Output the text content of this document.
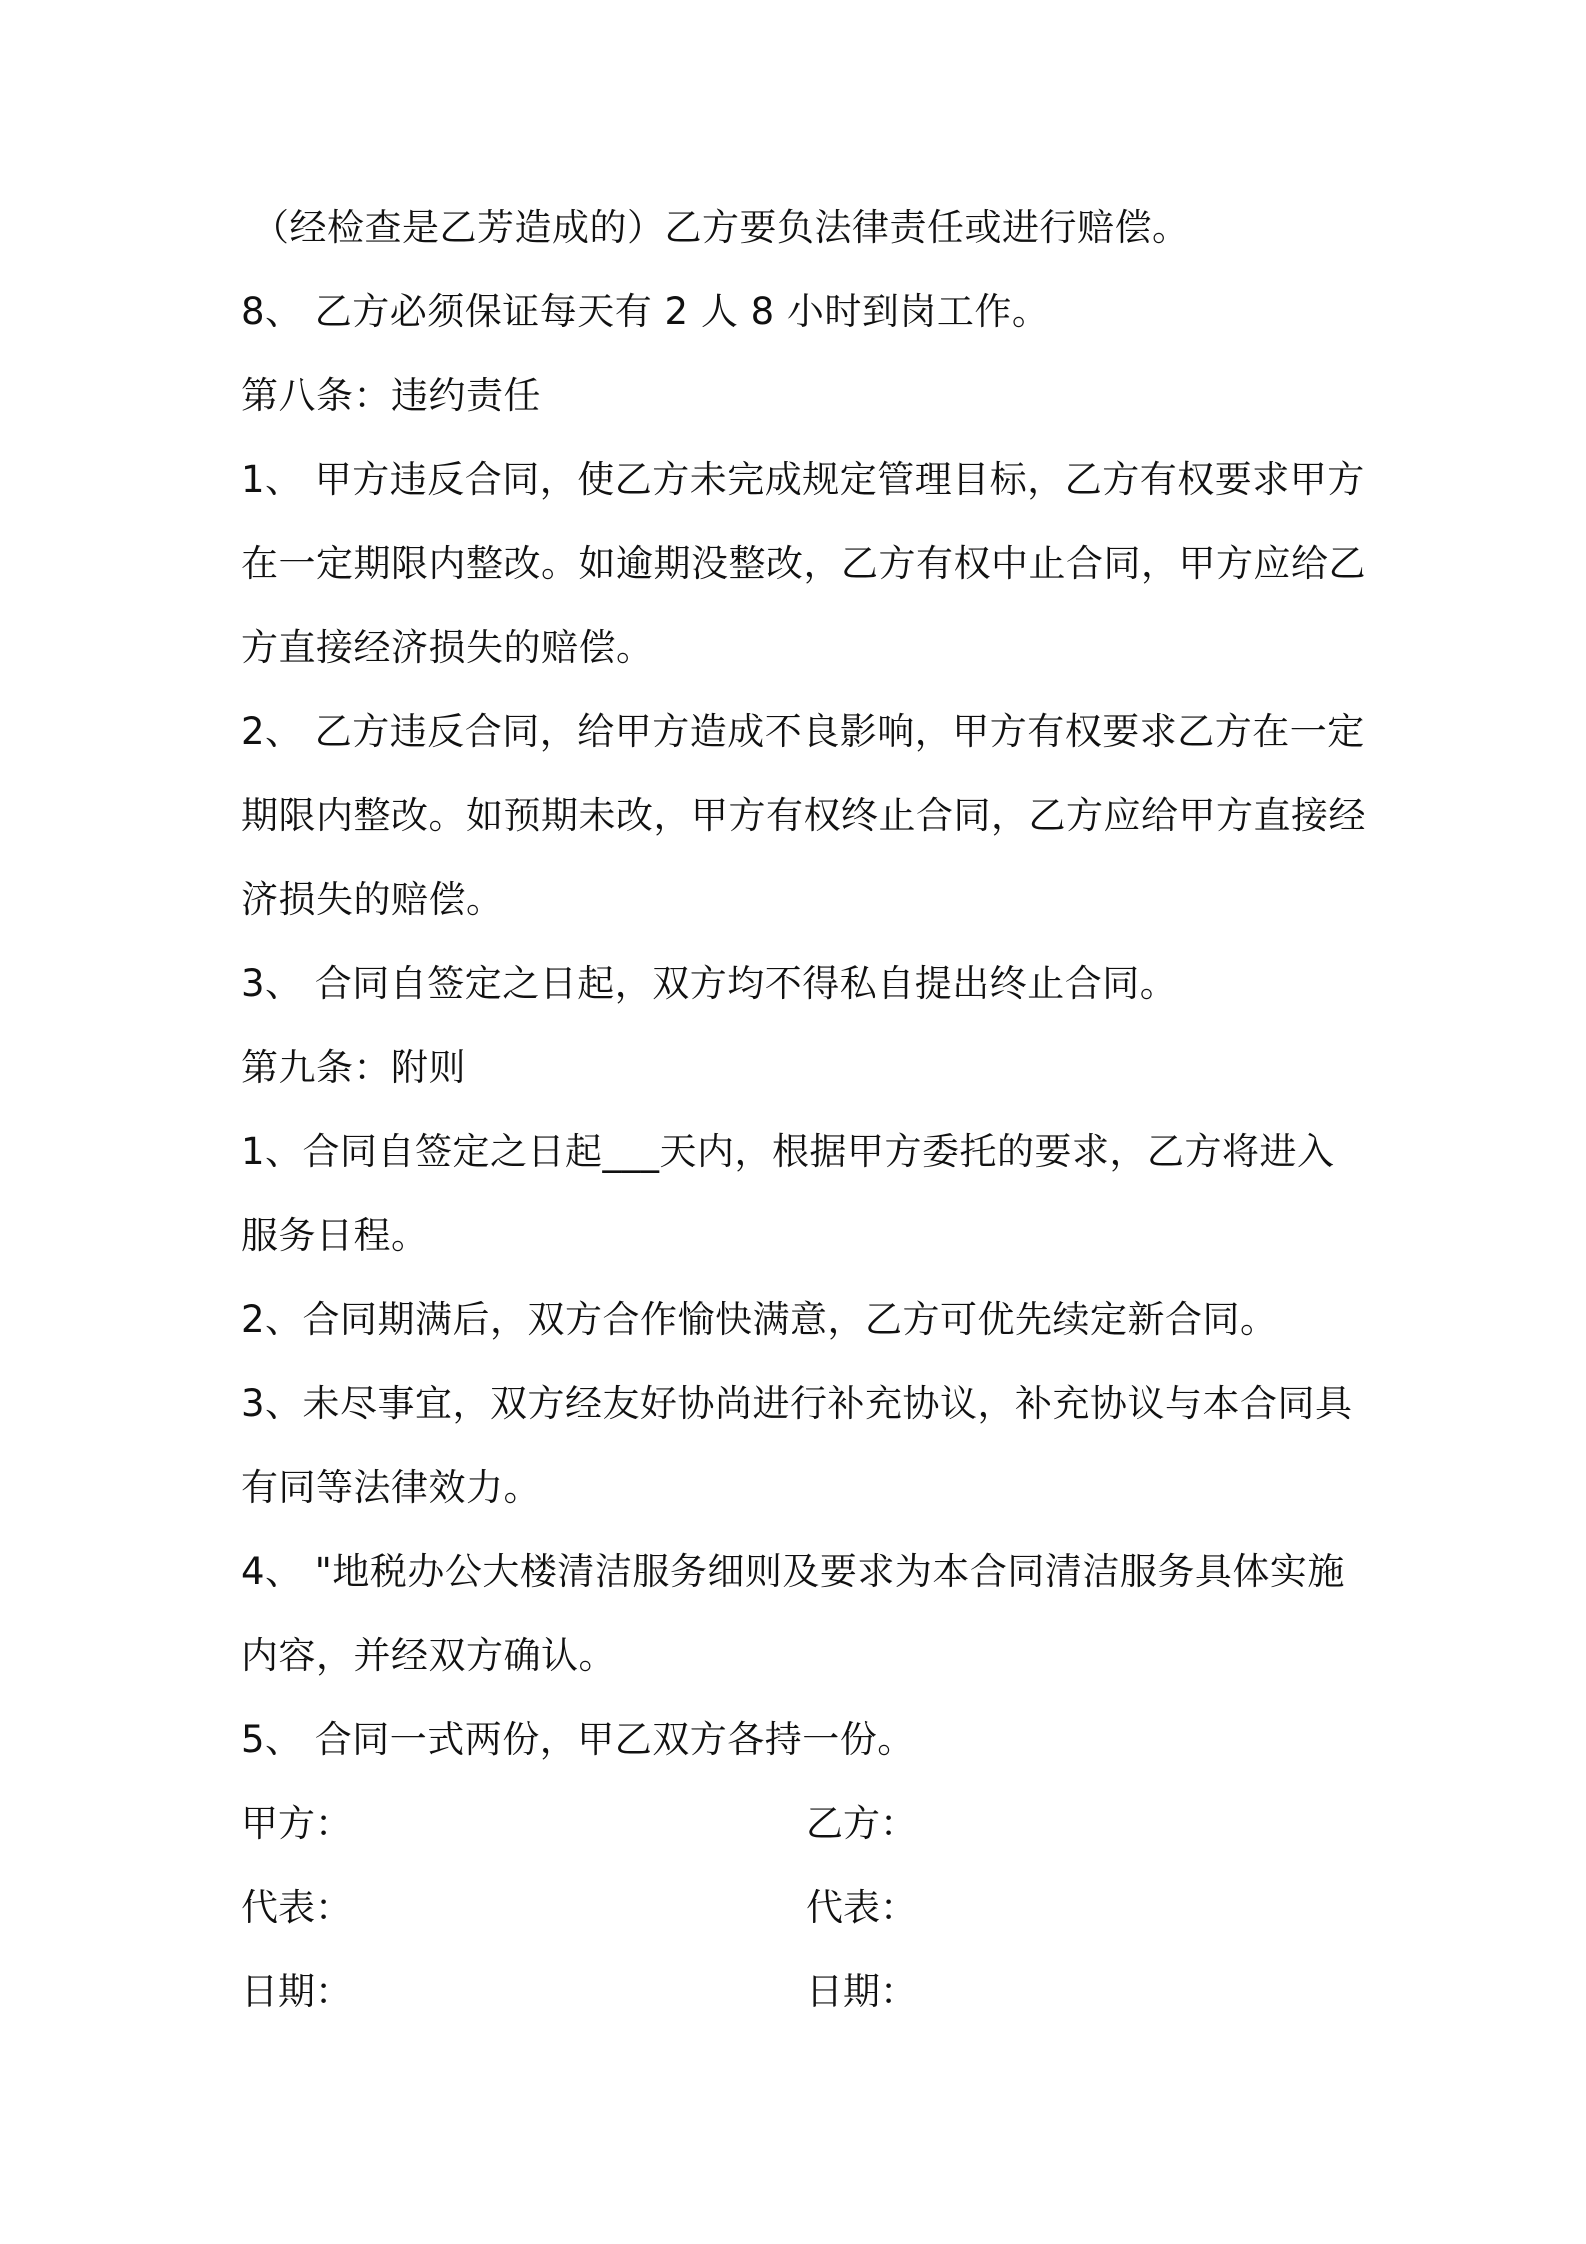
（经检查是乙芳造成的）乙方要负法律责任或进行赔偿。
8、 乙方必须保证每天有 2 人 8 小时到岗工作。
第八条：违约责任
1、 甲方违反合同，使乙方未完成规定管理目标，乙方有权要求甲方
在一定期限内整改。如逾期没整改，乙方有权中止合同，甲方应给乙
方直接经济损失的赔偿。
2、 乙方违反合同，给甲方造成不良影响，甲方有权要求乙方在一定
期限内整改。如预期未改，甲方有权终止合同，乙方应给甲方直接经
济损失的赔偿。
3、 合同自签定之日起，双方均不得私自提出终止合同。
第九条：附则
1、合同自签定之日起___天内，根据甲方委托的要求，乙方将进入
服务日程。
2、合同期满后，双方合作愉快满意，乙方可优先续定新合同。
3、未尽事宜，双方经友好协尚进行补充协议，补充协议与本合同具
有同等法律效力。
4、 "地税办公大楼清洁服务细则及要求为本合同清洁服务具体实施
内容，并经双方确认。
5、 合同一式两份，甲乙双方各持一份。
甲方：	乙方：
代表：	代表：
日期：	日期：
